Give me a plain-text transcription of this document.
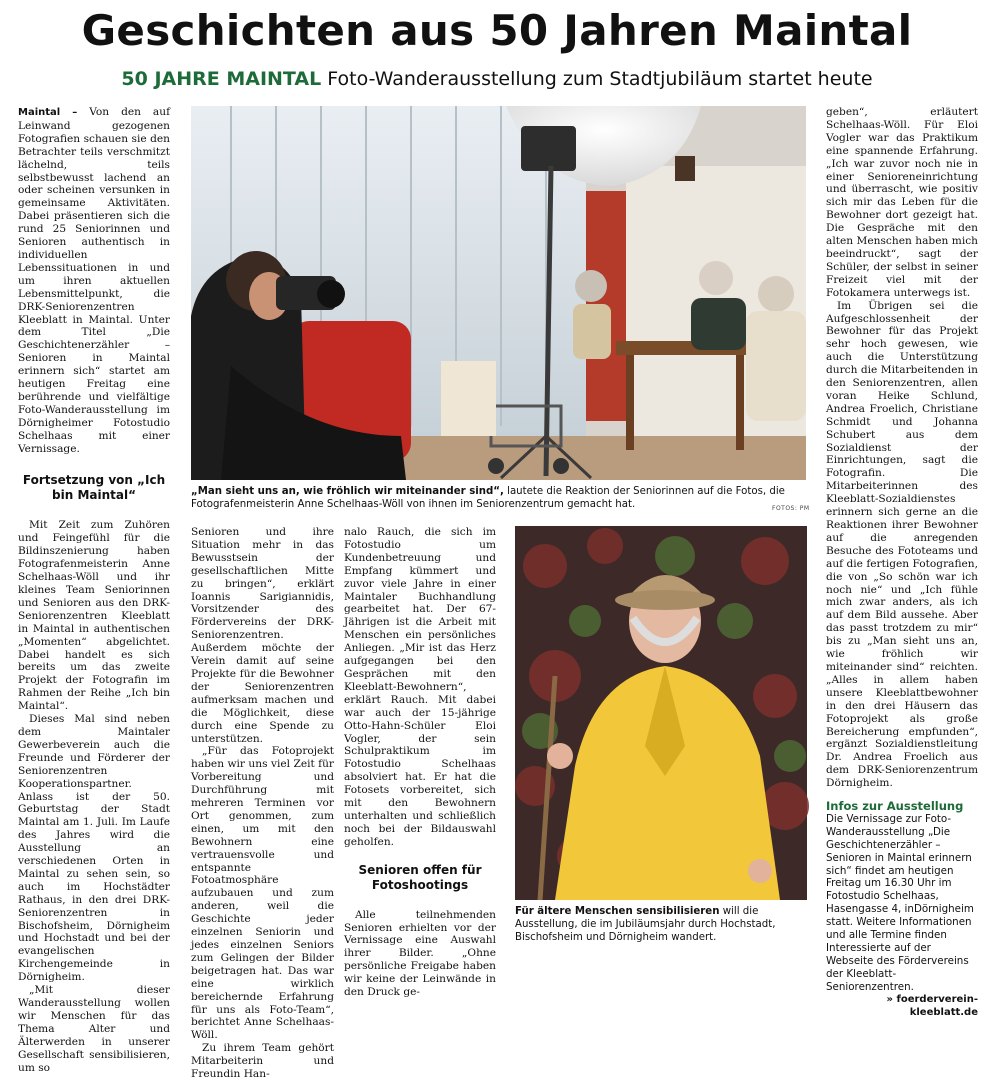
Geschichten aus 50 Jahren Maintal
50 JAHRE MAINTAL Foto-Wanderausstellung zum Stadtjubiläum startet heute

Maintal – Von den auf Leinwand gezogenen Fotografien schauen sie den Betrachter teils verschmitzt lächelnd, teils selbstbewusst lachend an oder scheinen versunken in gemeinsame Aktivitäten. Dabei präsentieren sich die rund 25 Seniorinnen und Senioren authentisch in individuellen Lebenssituationen in und um ihren aktuellen Lebensmittelpunkt, die DRK-Seniorenzentren Kleeblatt in Maintal. Unter dem Titel „Die Geschichtenerzähler – Senioren in Maintal erinnern sich“ startet am heutigen Freitag eine berührende und vielfältige Foto-Wanderausstellung im Dörnigheimer Fotostudio Schelhaas mit einer Vernissage.

Fortsetzung von „Ich bin Maintal“

Mit Zeit zum Zuhören und Feingefühl für die Bildinszenierung haben Fotografenmeisterin Anne Schelhaas-Wöll und ihr kleines Team Seniorinnen und Senioren aus den DRK-Seniorenzentren Kleeblatt in Maintal in authentischen „Momenten“ abgelichtet. Dabei handelt es sich bereits um das zweite Projekt der Fotografin im Rahmen der Reihe „Ich bin Maintal“.

Dieses Mal sind neben dem Maintaler Gewerbeverein auch die Freunde und Förderer der Seniorenzentren Kooperationspartner. Anlass ist der 50. Geburtstag der Stadt Maintal am 1. Juli. Im Laufe des Jahres wird die Ausstellung an verschiedenen Orten in Maintal zu sehen sein, so auch im Hochstädter Rathaus, in den drei DRK-Seniorenzentren in Bischofsheim, Dörnigheim und Hochstadt und bei der evangelischen Kirchengemeinde in Dörnigheim.

„Mit dieser Wanderausstellung wollen wir Menschen für das Thema Alter und Älterwerden in unserer Gesellschaft sensibilisieren, um so

„Man sieht uns an, wie fröhlich wir miteinander sind“, lautete die Reaktion der Seniorinnen auf die Fotos, die Fotografenmeisterin Anne Schelhaas-Wöll von ihnen im Seniorenzentrum gemacht hat.	FOTOS: PM

Senioren und ihre Situation mehr in das Bewusstsein der gesellschaftlichen Mitte zu bringen“, erklärt Ioannis Sarigiannidis, Vorsitzender des Fördervereins der DRK-Seniorenzentren. Außerdem möchte der Verein damit auf seine Projekte für die Bewohner der Seniorenzentren aufmerksam machen und die Möglichkeit, diese durch eine Spende zu unterstützen.

„Für das Fotoprojekt haben wir uns viel Zeit für Vorbereitung und Durchführung mit mehreren Terminen vor Ort genommen, zum einen, um mit den Bewohnern eine vertrauensvolle und entspannte Fotoatmosphäre aufzubauen und zum anderen, weil die Geschichte jeder einzelnen Seniorin und jedes einzelnen Seniors zum Gelingen der Bilder beigetragen hat. Das war eine wirklich bereichernde Erfahrung für uns als Foto-Team“, berichtet Anne Schelhaas-Wöll.

Zu ihrem Team gehört Mitarbeiterin und Freundin Han-

nalo Rauch, die sich im Fotostudio um Kundenbetreuung und Empfang kümmert und zuvor viele Jahre in einer Maintaler Buchhandlung gearbeitet hat. Der 67-Jährigen ist die Arbeit mit Menschen ein persönliches Anliegen. „Mir ist das Herz aufgegangen bei den Gesprächen mit den Kleeblatt-Bewohnern“, erklärt Rauch. Mit dabei war auch der 15-jährige Otto-Hahn-Schüler Eloi Vogler, der sein Schulpraktikum im Fotostudio Schelhaas absolviert hat. Er hat die Fotosets vorbereitet, sich mit den Bewohnern unterhalten und schließlich noch bei der Bildauswahl geholfen.

Senioren offen für Fotoshootings

Alle teilnehmenden Senioren erhielten vor der Vernissage eine Auswahl ihrer Bilder. „Ohne persönliche Freigabe haben wir keine der Leinwände in den Druck ge-

Für ältere Menschen sensibilisieren will die Ausstellung, die im Jubiläumsjahr durch Hochstadt, Bischofsheim und Dörnigheim wandert.

geben“, erläutert Schelhaas-Wöll. Für Eloi Vogler war das Praktikum eine spannende Erfahrung. „Ich war zuvor noch nie in einer Senioreneinrichtung und überrascht, wie positiv sich mir das Leben für die Bewohner dort gezeigt hat. Die Gespräche mit den alten Menschen haben mich beeindruckt“, sagt der Schüler, der selbst in seiner Freizeit viel mit der Fotokamera unterwegs ist.

Im Übrigen sei die Aufgeschlossenheit der Bewohner für das Projekt sehr hoch gewesen, wie auch die Unterstützung durch die Mitarbeitenden in den Seniorenzentren, allen voran Heike Schlund, Andrea Froelich, Christiane Schmidt und Johanna Schubert aus dem Sozialdienst der Einrichtungen, sagt die Fotografin. Die Mitarbeiterinnen des Kleeblatt-Sozialdienstes erinnern sich gerne an die Reaktionen ihrer Bewohner auf die anregenden Besuche des Fototeams und auf die fertigen Fotografien, die von „So schön war ich noch nie“ und „Ich fühle mich zwar anders, als ich auf dem Bild aussehe. Aber das passt trotzdem zu mir“ bis zu „Man sieht uns an, wie fröhlich wir miteinander sind“ reichten. „Alles in allem haben unsere Kleeblattbewohner in den drei Häusern das Fotoprojekt als große Bereicherung empfunden“, ergänzt Sozialdienstleitung Dr. Andrea Froelich aus dem DRK-Seniorenzentrum Dörnigheim.

Infos zur Ausstellung
Die Vernissage zur Foto-Wanderausstellung „Die Geschichtenerzähler – Senioren in Maintal erinnern sich“ findet am heutigen Freitag um 16.30 Uhr im Fotostudio Schelhaas, Hasengasse 4, inDörnigheim statt. Weitere Informationen und alle Termine finden Interessierte auf der Webseite des Fördervereins der Kleeblatt-Seniorenzentren.
» foerderverein-kleeblatt.de
